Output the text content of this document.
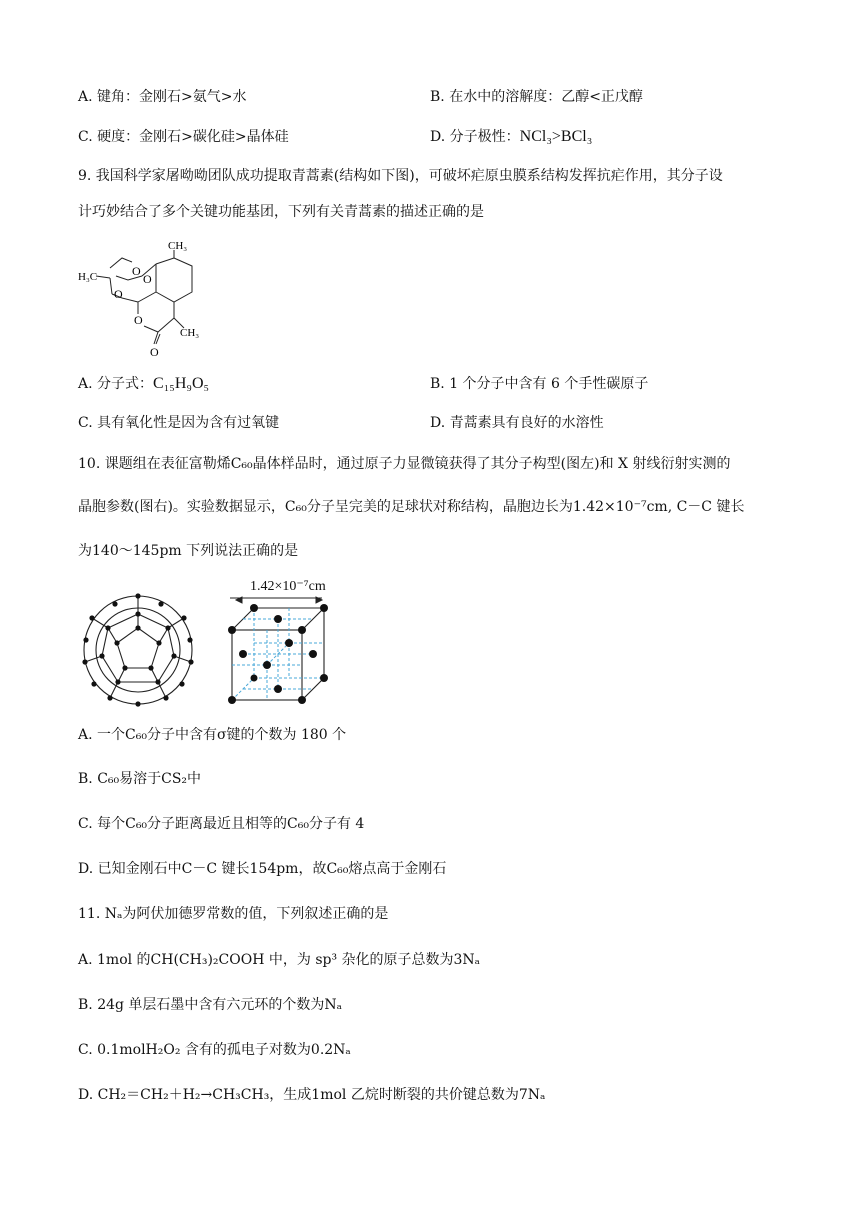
A. 键角：金刚石>氨气>水	B. 在水中的溶解度：乙醇<正戊醇
C. 硬度：金刚石>碳化硅>晶体硅	D. 分子极性：NCl₃>BCl₃
9. 我国科学家屠呦呦团队成功提取青蒿素(结构如下图)，可破坏疟原虫膜系结构发挥抗疟作用，其分子设
计巧妙结合了多个关键功能基团，下列有关青蒿素的描述正确的是
CH₃
H₃C
CH₃
O
O
O
O
O
A. 分子式：C₁₅H₉O₅	B. 1 个分子中含有 6 个手性碳原子
C. 具有氧化性是因为含有过氧键	D. 青蒿素具有良好的水溶性
10. 课题组在表征富勒烯C₆₀晶体样品时，通过原子力显微镜获得了其分子构型(图左)和 X 射线衍射实测的
晶胞参数(图右)。实验数据显示，C₆₀分子呈完美的足球状对称结构，晶胞边长为1.42×10⁻⁷cm, C－C 键长
为140～145pm 下列说法正确的是
1.42×10⁻⁷cm
A. 一个C₆₀分子中含有σ键的个数为 180 个
B. C₆₀易溶于CS₂中
C. 每个C₆₀分子距离最近且相等的C₆₀分子有 4
D. 已知金刚石中C－C 键长154pm，故C₆₀熔点高于金刚石
11. Nₐ为阿伏加德罗常数的值，下列叙述正确的是
A. 1mol 的CH(CH₃)₂COOH 中，为 sp³ 杂化的原子总数为3Nₐ
B. 24g 单层石墨中含有六元环的个数为Nₐ
C. 0.1molH₂O₂ 含有的孤电子对数为0.2Nₐ
D. CH₂＝CH₂＋H₂→CH₃CH₃，生成1mol 乙烷时断裂的共价键总数为7Nₐ
